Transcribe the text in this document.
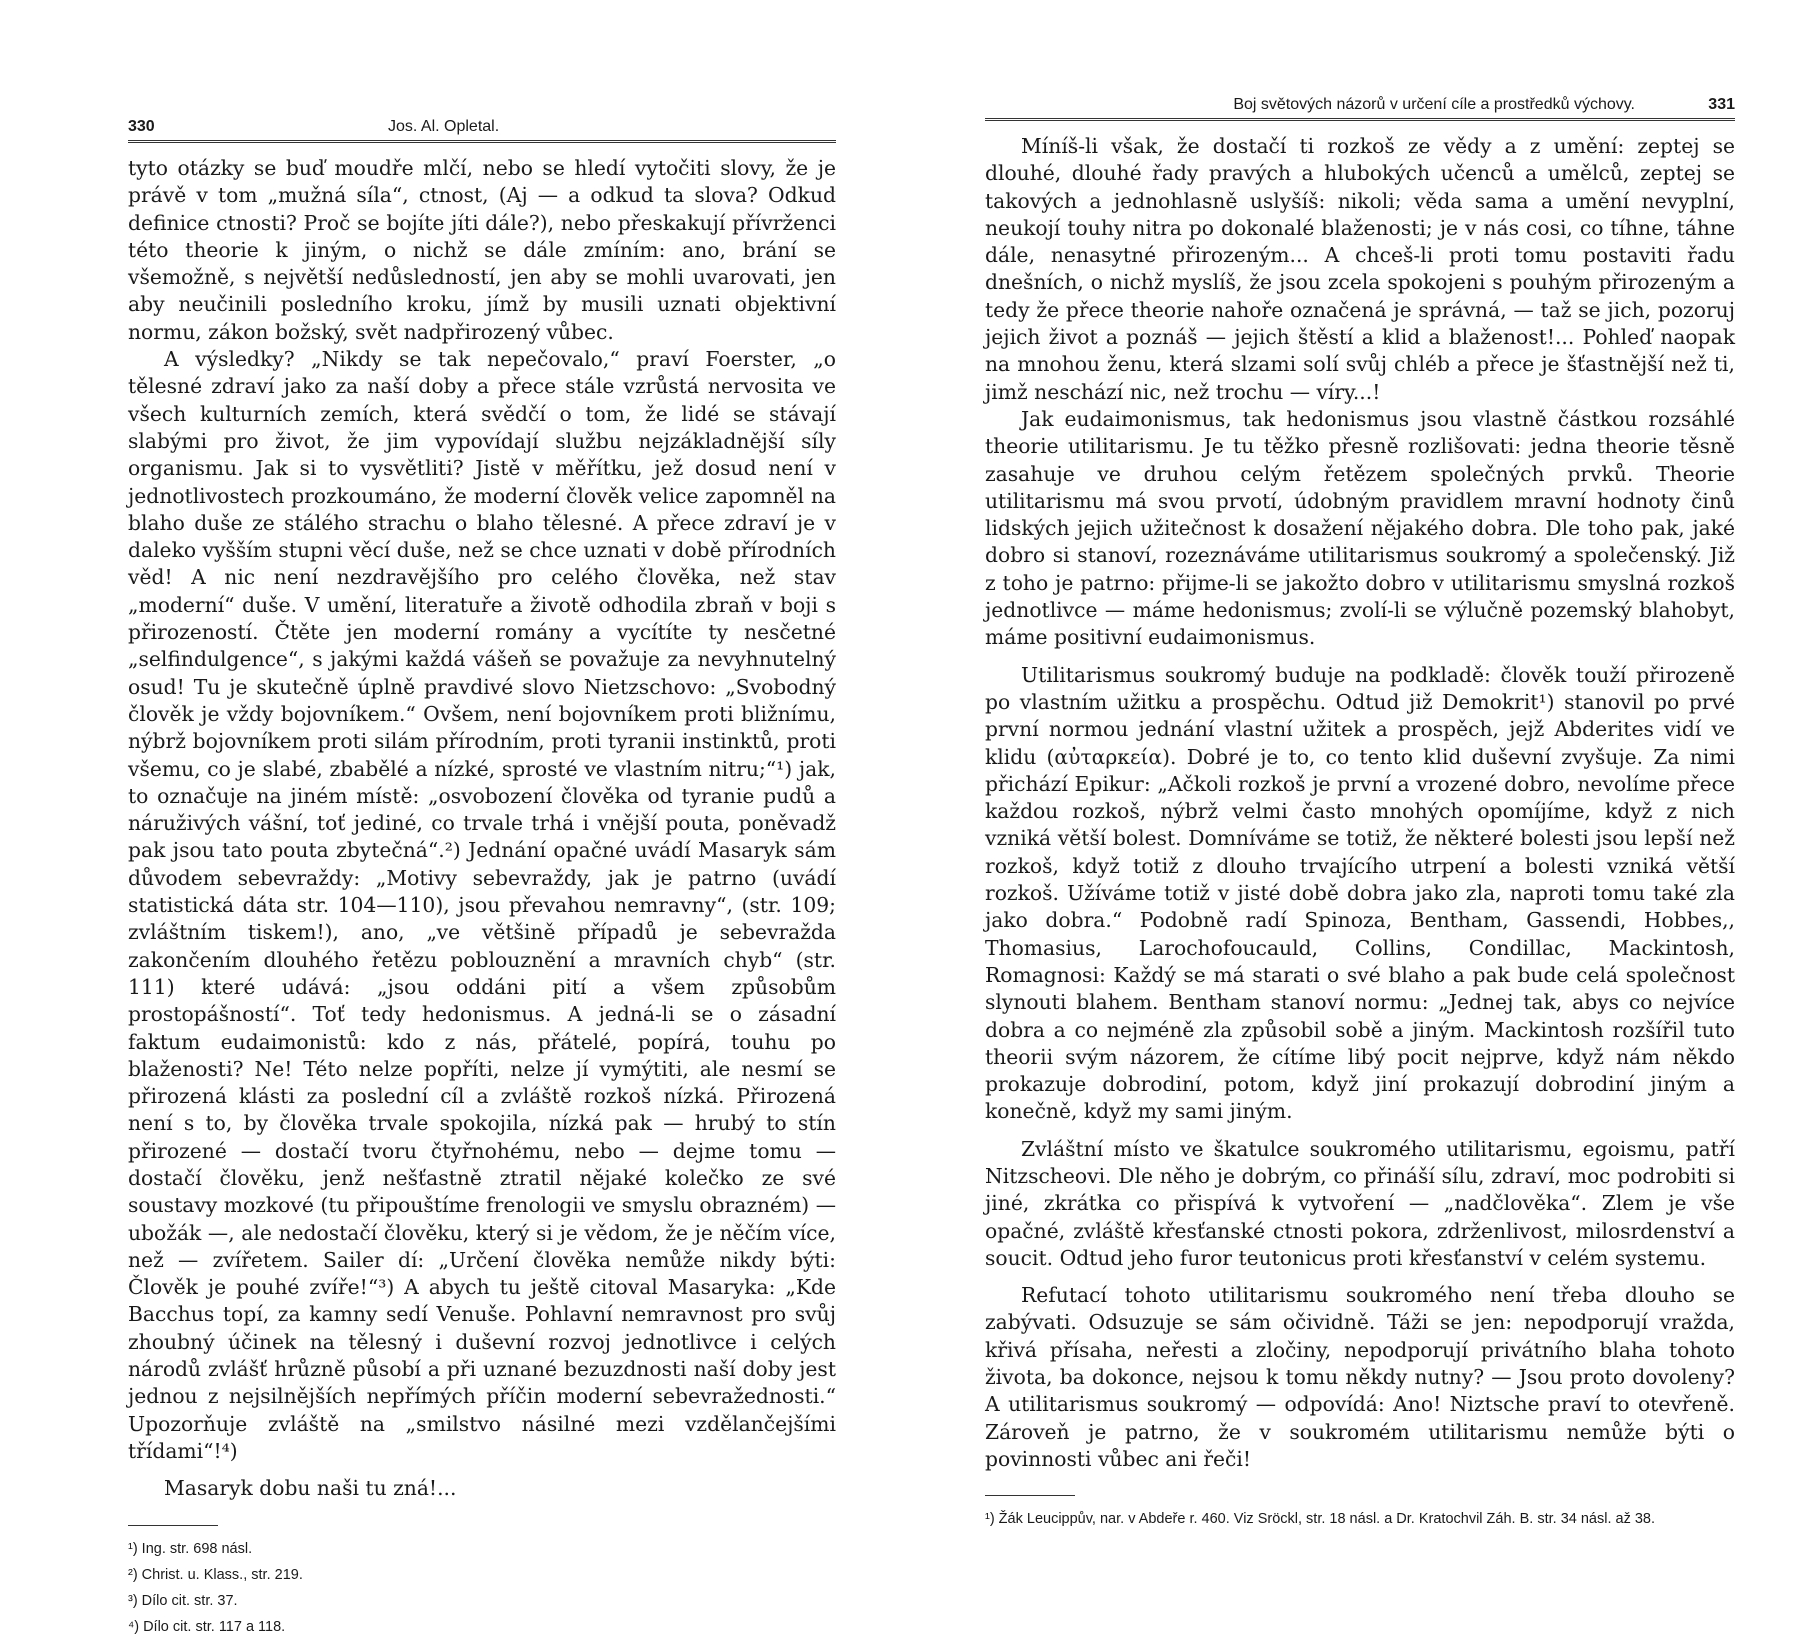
330	Jos. Al. Opletal.

tyto otázky se buď moudře mlčí, nebo se hledí vytočiti slovy, že je právě v tom „mužná síla“, ctnost, (Aj — a odkud ta slova? Odkud definice ctnosti? Proč se bojíte jíti dále?), nebo přeskakují přívrženci této theorie k jiným, o nichž se dále zmíním: ano, brání se všemožně, s největší nedůsledností, jen aby se mohli uvarovati, jen aby neučinili posledního kroku, jímž by musili uznati objektivní normu, zákon božský, svět nadpřirozený vůbec.

A výsledky? „Nikdy se tak nepečovalo,“ praví Foerster, „o tělesné zdraví jako za naší doby a přece stále vzrůstá nervosita ve všech kulturních zemích, která svědčí o tom, že lidé se stávají slabými pro život, že jim vypovídají službu nejzákladnější síly organismu. Jak si to vysvětliti? Jistě v měřítku, jež dosud není v jednotlivostech prozkoumáno, že moderní člověk velice zapomněl na blaho duše ze stálého strachu o blaho tělesné. A přece zdraví je v daleko vyšším stupni věcí duše, než se chce uznati v době přírodních věd! A nic není nezdravějšího pro celého člověka, než stav „moderní“ duše. V umění, literatuře a životě odhodila zbraň v boji s přirozeností. Čtěte jen moderní romány a vycítíte ty nesčetné „selfindulgence“, s jakými každá vášeň se považuje za nevyhnutelný osud! Tu je skutečně úplně pravdivé slovo Nietzschovo: „Svobodný člověk je vždy bojovníkem.“ Ovšem, není bojovníkem proti bližnímu, nýbrž bojovníkem proti silám přírodním, proti tyranii instinktů, proti všemu, co je slabé, zbabělé a nízké, sprosté ve vlastním nitru;“¹) jak, to označuje na jiném místě: „osvobození člověka od tyranie pudů a náruživých vášní, toť jediné, co trvale trhá i vnější pouta, poněvadž pak jsou tato pouta zbytečná“.²) Jednání opačné uvádí Masaryk sám důvodem sebevraždy: „Motivy sebevraždy, jak je patrno (uvádí statistická dáta str. 104—110), jsou převahou nemravny“, (str. 109; zvláštním tiskem!), ano, „ve většině případů je sebevražda zakončením dlouhého řetězu poblouznění a mravních chyb“ (str. 111) které udává: „jsou oddáni pití a všem způsobům prostopášností“. Toť tedy hedonismus. A jedná-li se o zásadní faktum eudaimonistů: kdo z nás, přátelé, popírá, touhu po blaženosti? Ne! Této nelze popříti, nelze jí vymýtiti, ale nesmí se přirozená klásti za poslední cíl a zvláště rozkoš nízká. Přirozená není s to, by člověka trvale spokojila, nízká pak — hrubý to stín přirozené — dostačí tvoru čtyřnohému, nebo — dejme tomu — dostačí člověku, jenž nešťastně ztratil nějaké kolečko ze své soustavy mozkové (tu připouštíme frenologii ve smyslu obrazném) — ubožák —, ale nedostačí člověku, který si je vědom, že je něčím více, než — zvířetem. Sailer dí: „Určení člověka nemůže nikdy býti: Člověk je pouhé zvíře!“³) A abych tu ještě citoval Masaryka: „Kde Bacchus topí, za kamny sedí Venuše. Pohlavní nemravnost pro svůj zhoubný účinek na tělesný i duševní rozvoj jednotlivce i celých národů zvlášť hrůzně působí a při uznané bezuzdnosti naší doby jest jednou z nejsilnějších nepřímých příčin moderní sebevražednosti.“ Upozorňuje zvláště na „smilstvo násilné mezi vzdělančejšími třídami“!⁴)

Masaryk dobu naši tu zná!...

¹) Ing. str. 698 násl.
²) Christ. u. Klass., str. 219.
³) Dílo cit. str. 37.
⁴) Dílo cit. str. 117 a 118.
Boj světových názorů v určení cíle a prostředků výchovy.	331

Míníš-li však, že dostačí ti rozkoš ze vědy a z umění: zeptej se dlouhé, dlouhé řady pravých a hlubokých učenců a umělců, zeptej se takových a jednohlasně uslyšíš: nikoli; věda sama a umění nevyplní, neukojí touhy nitra po dokonalé blaženosti; je v nás cosi, co tíhne, táhne dále, nenasytné přirozeným... A chceš-li proti tomu postaviti řadu dnešních, o nichž myslíš, že jsou zcela spokojeni s pouhým přirozeným a tedy že přece theorie nahoře označená je správná, — taž se jich, pozoruj jejich život a poznáš — jejich štěstí a klid a blaženost!... Pohleď naopak na mnohou ženu, která slzami solí svůj chléb a přece je šťastnější než ti, jimž neschází nic, než trochu — víry...!

Jak eudaimonismus, tak hedonismus jsou vlastně částkou rozsáhlé theorie utilitarismu. Je tu těžko přesně rozlišovati: jedna theorie těsně zasahuje ve druhou celým řetězem společných prvků. Theorie utilitarismu má svou prvotí, údobným pravidlem mravní hodnoty činů lidských jejich užitečnost k dosažení nějakého dobra. Dle toho pak, jaké dobro si stanoví, rozeznáváme utilitarismus soukromý a společenský. Již z toho je patrno: přijme-li se jakožto dobro v utilitarismu smyslná rozkoš jednotlivce — máme hedonismus; zvolí-li se výlučně pozemský blahobyt, máme positivní eudaimonismus.

Utilitarismus soukromý buduje na podkladě: člověk touží přirozeně po vlastním užitku a prospěchu. Odtud již Demokrit¹) stanovil po prvé první normou jednání vlastní užitek a prospěch, jejž Abderites vidí ve klidu (αὐταρκεία). Dobré je to, co tento klid duševní zvyšuje. Za nimi přichází Epikur: „Ačkoli rozkoš je první a vrozené dobro, nevolíme přece každou rozkoš, nýbrž velmi často mnohých opomíjíme, když z nich vzniká větší bolest. Domníváme se totiž, že některé bolesti jsou lepší než rozkoš, když totiž z dlouho trvajícího utrpení a bolesti vzniká větší rozkoš. Užíváme totiž v jisté době dobra jako zla, naproti tomu také zla jako dobra.“ Podobně radí Spinoza, Bentham, Gassendi, Hobbes,, Thomasius, Larochofoucauld, Collins, Condillac, Mackintosh, Romagnosi: Každý se má starati o své blaho a pak bude celá společnost slynouti blahem. Bentham stanoví normu: „Jednej tak, abys co nejvíce dobra a co nejméně zla způsobil sobě a jiným. Mackintosh rozšířil tuto theorii svým názorem, že cítíme libý pocit nejprve, když nám někdo prokazuje dobrodiní, potom, když jiní prokazují dobrodiní jiným a konečně, když my sami jiným.

Zvláštní místo ve škatulce soukromého utilitarismu, egoismu, patří Nitzscheovi. Dle něho je dobrým, co přináší sílu, zdraví, moc podrobiti si jiné, zkrátka co přispívá k vytvoření — „nadčlověka“. Zlem je vše opačné, zvláště křesťanské ctnosti pokora, zdrženlivost, milosrdenství a soucit. Odtud jeho furor teutonicus proti křesťanství v celém systemu.

Refutací tohoto utilitarismu soukromého není třeba dlouho se zabývati. Odsuzuje se sám očividně. Táži se jen: nepodporují vražda, křivá přísaha, neřesti a zločiny, nepodporují privátního blaha tohoto života, ba dokonce, nejsou k tomu někdy nutny? — Jsou proto dovoleny? A utilitarismus soukromý — odpovídá: Ano! Niztsche praví to otevřeně. Zároveň je patrno, že v soukromém utilitarismu nemůže býti o povinnosti vůbec ani řeči!

¹) Žák Leucippův, nar. v Abdeře r. 460. Viz Sröckl, str. 18 násl. a Dr. Kratochvil Záh. B. str. 34 násl. až 38.
